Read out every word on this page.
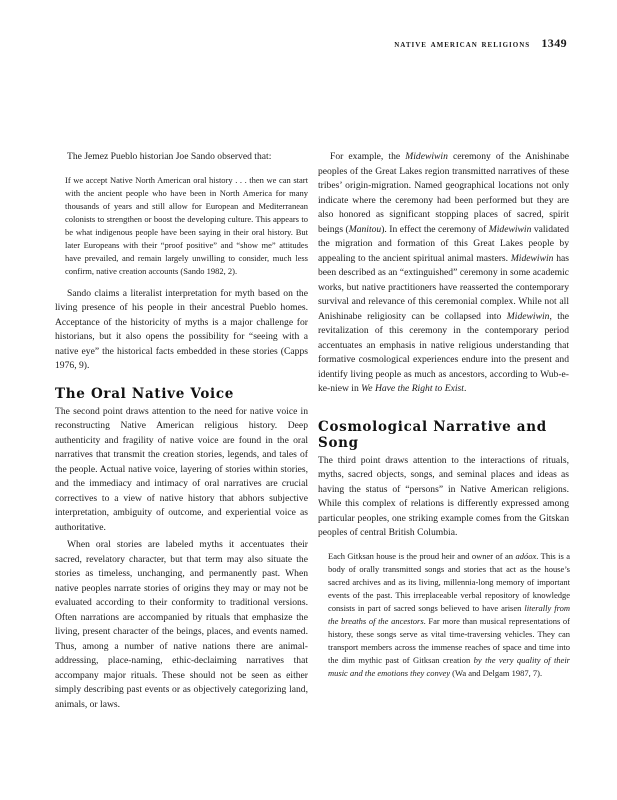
native american religions 1349

The Jemez Pueblo historian Joe Sando observed that:

If we accept Native North American oral history . . . then we can start with the ancient people who have been in North America for many thousands of years and still allow for European and Mediterranean colonists to strengthen or boost the developing culture. This appears to be what indigenous people have been saying in their oral history. But later Europeans with their “proof positive” and “show me” attitudes have prevailed, and remain largely unwilling to consider, much less confirm, native creation accounts (Sando 1982, 2).

Sando claims a literalist interpretation for myth based on the living presence of his people in their ancestral Pueblo homes. Acceptance of the historicity of myths is a major challenge for historians, but it also opens the possibility for “seeing with a native eye” the historical facts embedded in these stories (Capps 1976, 9).

The Oral Native Voice

The second point draws attention to the need for native voice in reconstructing Native American religious history. Deep authenticity and fragility of native voice are found in the oral narratives that transmit the creation stories, legends, and tales of the people. Actual native voice, layering of stories within stories, and the immediacy and intimacy of oral narratives are crucial correctives to a view of native history that abhors subjective interpretation, ambiguity of outcome, and experiential voice as authoritative.

When oral stories are labeled myths it accentuates their sacred, revelatory character, but that term may also situate the stories as timeless, unchanging, and permanently past. When native peoples narrate stories of origins they may or may not be evaluated according to their conformity to traditional versions. Often narrations are accompanied by rituals that emphasize the living, present character of the beings, places, and events named. Thus, among a number of native nations there are animal-addressing, place-naming, ethic-declaiming narratives that accompany major rituals. These should not be seen as either simply describing past events or as objectively categorizing land, animals, or laws.

For example, the Midewiwin ceremony of the Anishinabe peoples of the Great Lakes region transmitted narratives of these tribes’ origin-migration. Named geographical locations not only indicate where the ceremony had been performed but they are also honored as significant stopping places of sacred, spirit beings (Manitou). In effect the ceremony of Midewiwin validated the migration and formation of this Great Lakes people by appealing to the ancient spiritual animal masters. Midewiwin has been described as an “extinguished” ceremony in some academic works, but native practitioners have reasserted the contemporary survival and relevance of this ceremonial complex. While not all Anishinabe religiosity can be collapsed into Midewiwin, the revitalization of this ceremony in the contemporary period accentuates an emphasis in native religious understanding that formative cosmological experiences endure into the present and identify living people as much as ancestors, according to Wub-e-ke-niew in We Have the Right to Exist.

Cosmological Narrative and Song

The third point draws attention to the interactions of rituals, myths, sacred objects, songs, and seminal places and ideas as having the status of “persons” in Native American religions. While this complex of relations is differently expressed among particular peoples, one striking example comes from the Gitskan peoples of central British Columbia.

Each Gitksan house is the proud heir and owner of an adóox. This is a body of orally transmitted songs and stories that act as the house’s sacred archives and as its living, millennia-long memory of important events of the past. This irreplaceable verbal repository of knowledge consists in part of sacred songs believed to have arisen literally from the breaths of the ancestors. Far more than musical representations of history, these songs serve as vital time-traversing vehicles. They can transport members across the immense reaches of space and time into the dim mythic past of Gitksan creation by the very quality of their music and the emotions they convey (Wa and Delgam 1987, 7).
